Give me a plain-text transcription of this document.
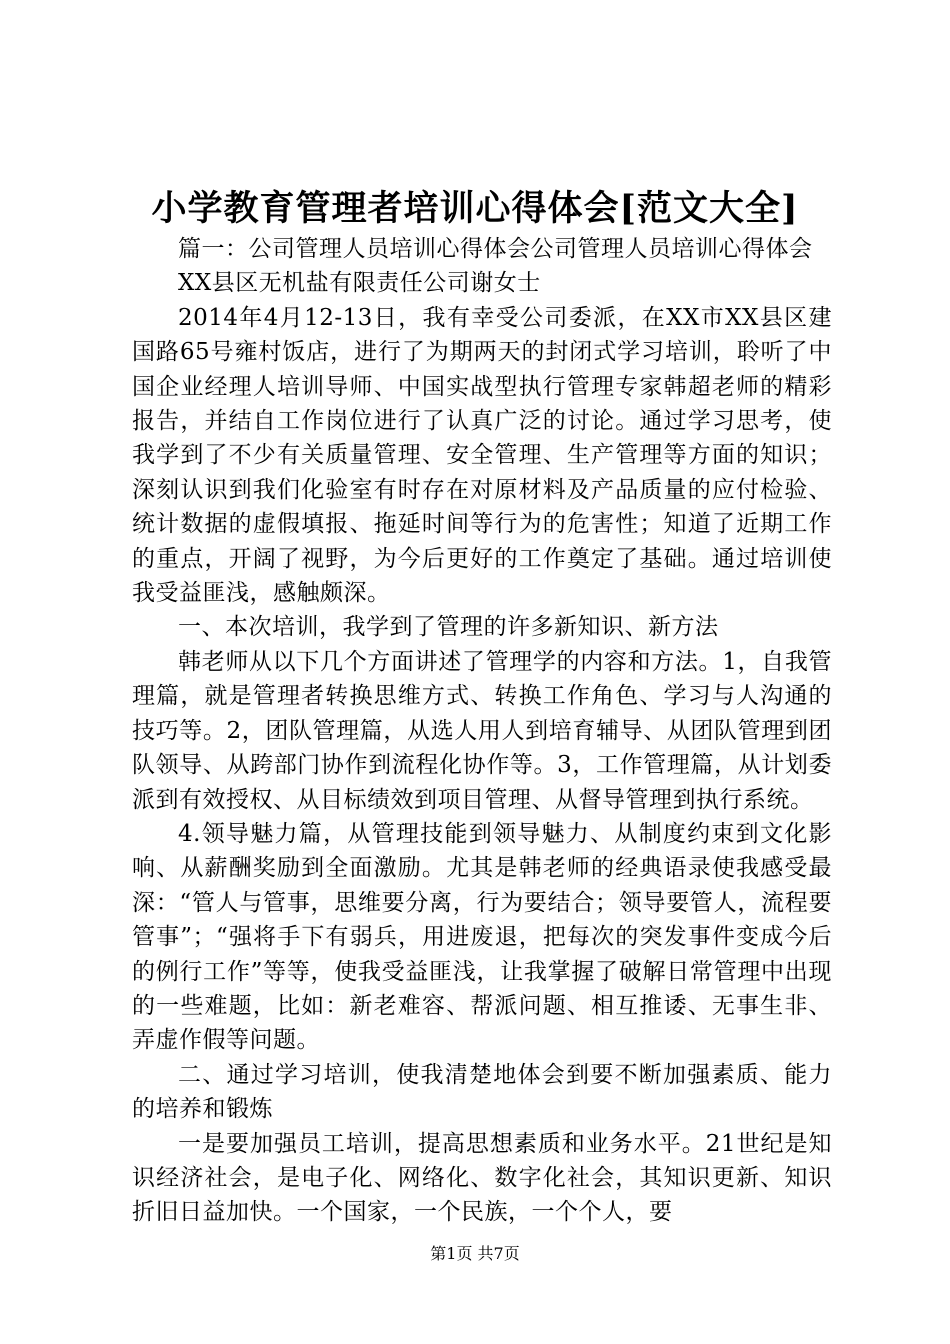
小学教育管理者培训心得体会[范文大全]

篇一：公司管理人员培训心得体会公司管理人员培训心得体会

XX县区无机盐有限责任公司谢女士

2014年4月12-13日，我有幸受公司委派，在XX市XX县区建国路65号雍村饭店，进行了为期两天的封闭式学习培训，聆听了中国企业经理人培训导师、中国实战型执行管理专家韩超老师的精彩报告，并结自工作岗位进行了认真广泛的讨论。通过学习思考，使我学到了不少有关质量管理、安全管理、生产管理等方面的知识；深刻认识到我们化验室有时存在对原材料及产品质量的应付检验、统计数据的虚假填报、拖延时间等行为的危害性；知道了近期工作的重点，开阔了视野，为今后更好的工作奠定了基础。通过培训使我受益匪浅，感触颇深。

一、本次培训，我学到了管理的许多新知识、新方法

韩老师从以下几个方面讲述了管理学的内容和方法。1，自我管理篇，就是管理者转换思维方式、转换工作角色、学习与人沟通的技巧等。2，团队管理篇，从选人用人到培育辅导、从团队管理到团队领导、从跨部门协作到流程化协作等。3，工作管理篇，从计划委派到有效授权、从目标绩效到项目管理、从督导管理到执行系统。

4.领导魅力篇，从管理技能到领导魅力、从制度约束到文化影响、从薪酬奖励到全面激励。尤其是韩老师的经典语录使我感受最深：“管人与管事，思维要分离，行为要结合；领导要管人，流程要管事”；“强将手下有弱兵，用进废退，把每次的突发事件变成今后的例行工作”等等，使我受益匪浅，让我掌握了破解日常管理中出现的一些难题，比如：新老难容、帮派问题、相互推诿、无事生非、弄虚作假等问题。

二、通过学习培训，使我清楚地体会到要不断加强素质、能力的培养和锻炼

一是要加强员工培训，提高思想素质和业务水平。21世纪是知识经济社会，是电子化、网络化、数字化社会，其知识更新、知识折旧日益加快。一个国家，一个民族，一个个人，要

第1页 共7页
